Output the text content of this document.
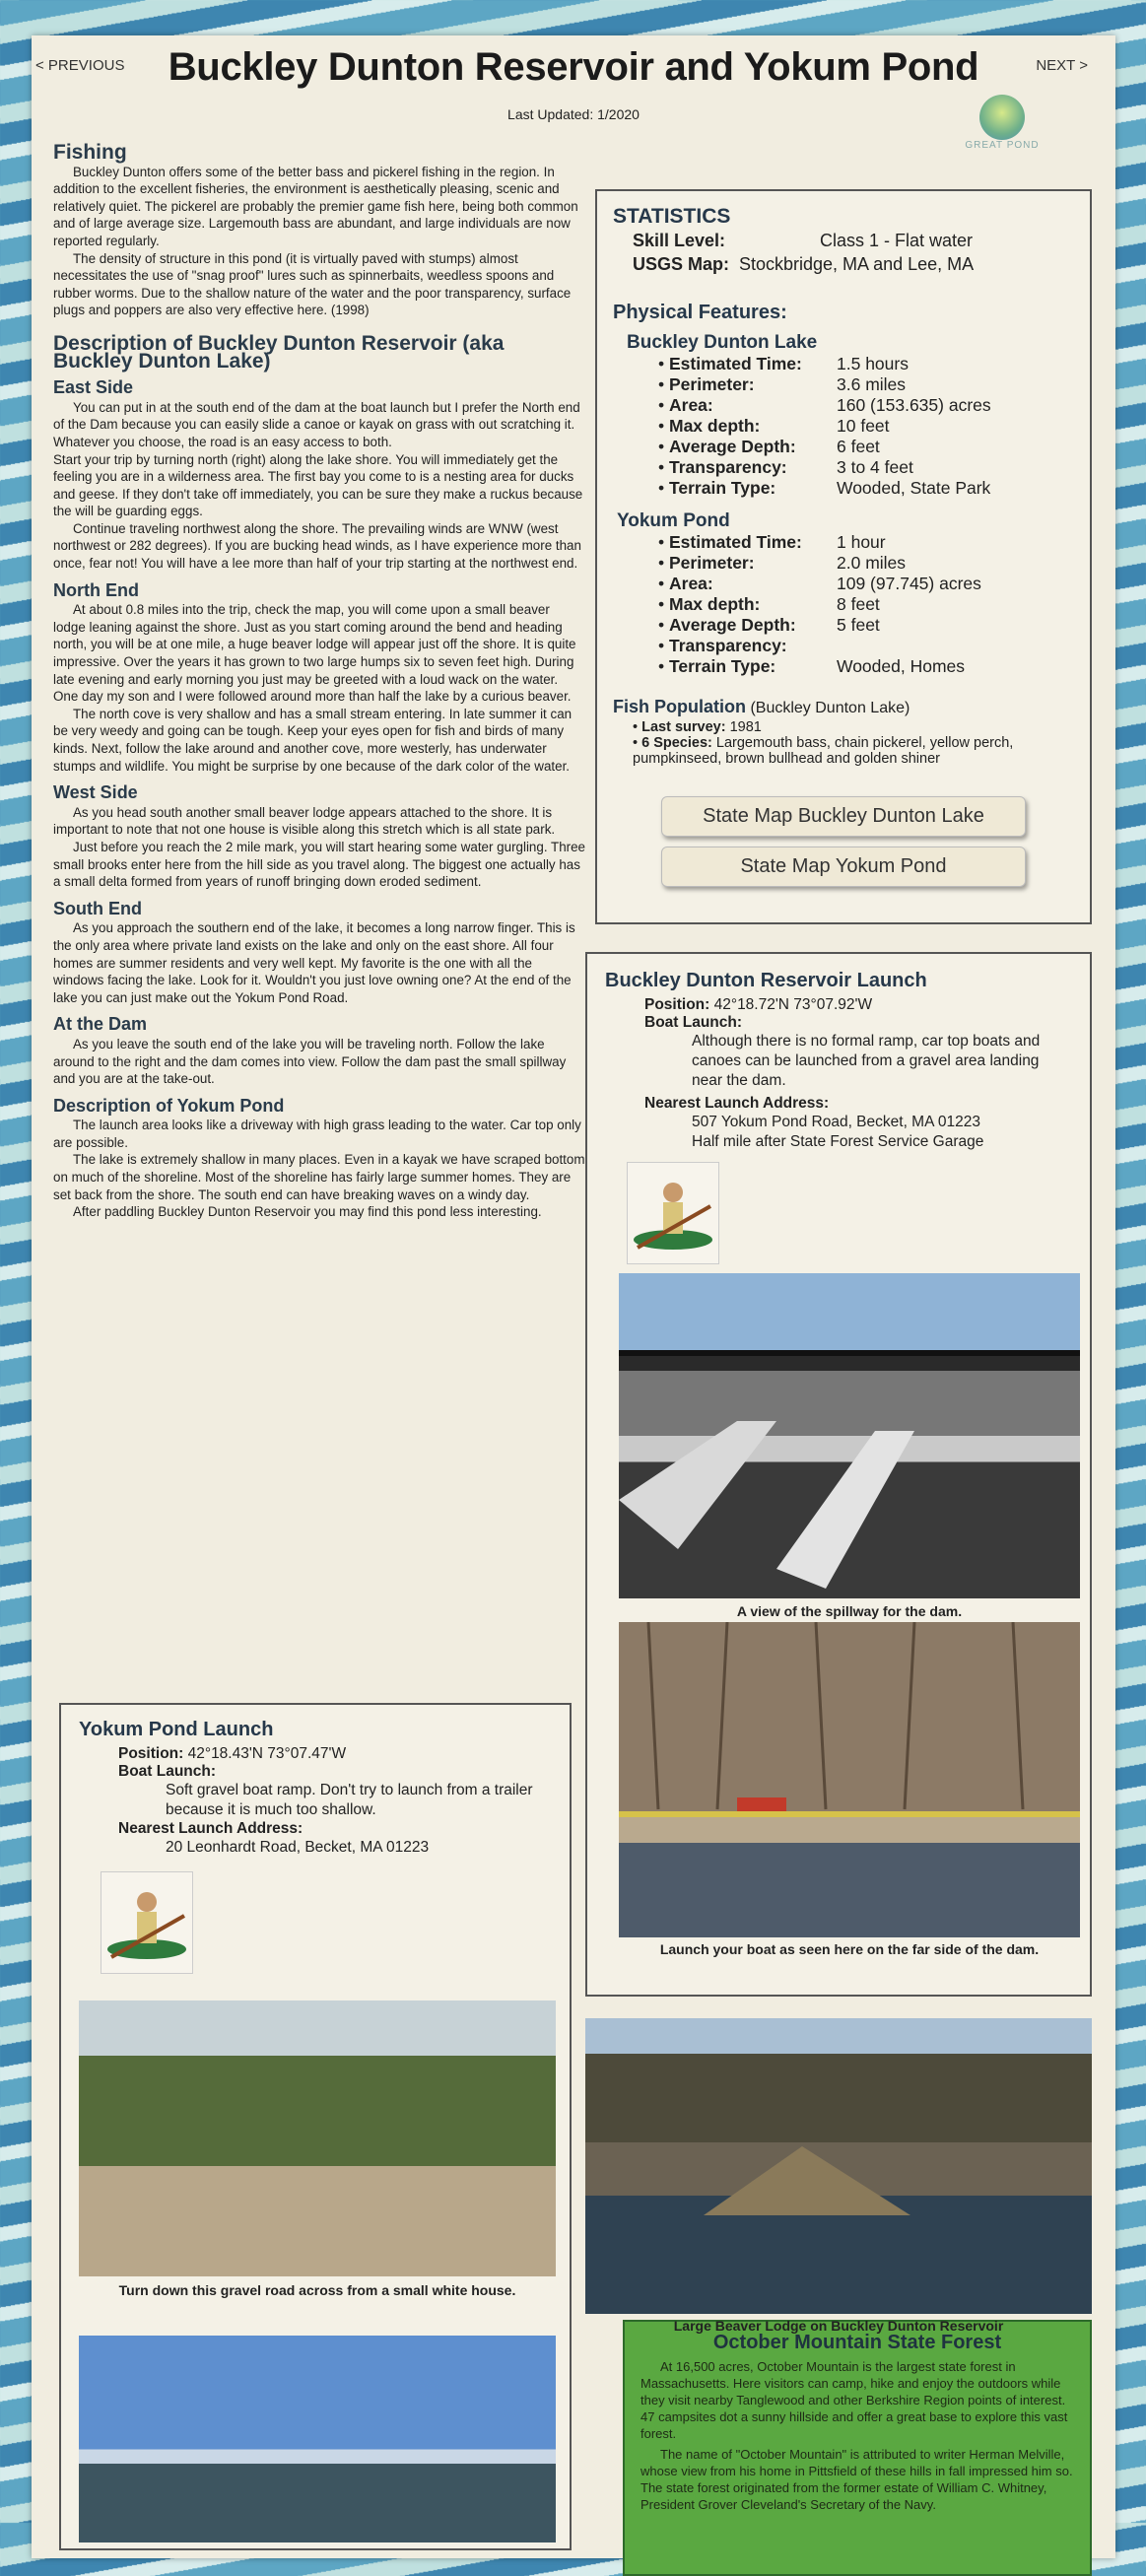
< PREVIOUS	NEXT >
Buckley Dunton Reservoir and Yokum Pond
Last Updated: 1/2020
GREAT POND
Fishing

Buckley Dunton offers some of the better bass and pickerel fishing in the region. In addition to the excellent fisheries, the environment is aesthetically pleasing, scenic and relatively quiet. The pickerel are probably the premier game fish here, being both common and of large average size. Largemouth bass are abundant, and large individuals are now reported regularly.

The density of structure in this pond (it is virtually paved with stumps) almost necessitates the use of "snag proof" lures such as spinnerbaits, weedless spoons and rubber worms. Due to the shallow nature of the water and the poor transparency, surface plugs and poppers are also very effective here. (1998)

Description of Buckley Dunton Reservoir (aka Buckley Dunton Lake)
East Side

You can put in at the south end of the dam at the boat launch but I prefer the North end of the Dam because you can easily slide a canoe or kayak on grass with out scratching it. Whatever you choose, the road is an easy access to both.

Start your trip by turning north (right) along the lake shore. You will immediately get the feeling you are in a wilderness area. The first bay you come to is a nesting area for ducks and geese. If they don't take off immediately, you can be sure they make a ruckus because the will be guarding eggs.

Continue traveling northwest along the shore. The prevailing winds are WNW (west northwest or 282 degrees). If you are bucking head winds, as I have experience more than once, fear not! You will have a lee more than half of your trip starting at the northwest end.

North End

At about 0.8 miles into the trip, check the map, you will come upon a small beaver lodge leaning against the shore. Just as you start coming around the bend and heading north, you will be at one mile, a huge beaver lodge will appear just off the shore. It is quite impressive. Over the years it has grown to two large humps six to seven feet high. During late evening and early morning you just may be greeted with a loud wack on the water. One day my son and I were followed around more than half the lake by a curious beaver.

The north cove is very shallow and has a small stream entering. In late summer it can be very weedy and going can be tough. Keep your eyes open for fish and birds of many kinds. Next, follow the lake around and another cove, more westerly, has underwater stumps and wildlife. You might be surprise by one because of the dark color of the water.

West Side

As you head south another small beaver lodge appears attached to the shore. It is important to note that not one house is visible along this stretch which is all state park.

Just before you reach the 2 mile mark, you will start hearing some water gurgling. Three small brooks enter here from the hill side as you travel along. The biggest one actually has a small delta formed from years of runoff bringing down eroded sediment.

South End

As you approach the southern end of the lake, it becomes a long narrow finger. This is the only area where private land exists on the lake and only on the east shore. All four homes are summer residents and very well kept. My favorite is the one with all the windows facing the lake. Look for it. Wouldn't you just love owning one? At the end of the lake you can just make out the Yokum Pond Road.

At the Dam

As you leave the south end of the lake you will be traveling north. Follow the lake around to the right and the dam comes into view. Follow the dam past the small spillway and you are at the take-out.

Description of Yokum Pond

The launch area looks like a driveway with high grass leading to the water. Car top only are possible.

The lake is extremely shallow in many places. Even in a kayak we have scraped bottom on much of the shoreline. Most of the shoreline has fairly large summer homes. They are set back from the shore. The south end can have breaking waves on a windy day.

After paddling Buckley Dunton Reservoir you may find this pond less interesting.

STATISTICS
Skill Level:	Class 1 - Flat water
USGS Map: Stockbridge, MA and Lee, MA
Physical Features:
Buckley Dunton Lake
• Estimated Time: 1.5 hours
• Perimeter:	3.6 miles
• Area:	160 (153.635) acres
• Max depth:	10 feet
• Average Depth: 6 feet
• Transparency:	3 to 4 feet
• Terrain Type:	Wooded, State Park
Yokum Pond
• Estimated Time: 1 hour
• Perimeter:	2.0 miles
• Area:	109 (97.745) acres
• Max depth:	8 feet
• Average Depth: 5 feet
• Transparency:
• Terrain Type:	Wooded, Homes
Fish Population (Buckley Dunton Lake)
• Last survey: 1981
• 6 Species: Largemouth bass, chain pickerel, yellow perch, pumpkinseed, brown bullhead and golden shiner
State Map Buckley Dunton Lake
State Map Yokum Pond
Buckley Dunton Reservoir Launch
Position: 42°18.72'N 73°07.92'W
Boat Launch:
Although there is no formal ramp, car top boats and canoes can be launched from a gravel area landing near the dam.
Nearest Launch Address:
507 Yokum Pond Road, Becket, MA 01223
Half mile after State Forest Service Garage
A view of the spillway for the dam.
Launch your boat as seen here on the far side of the dam.
Yokum Pond Launch
Position: 42°18.43'N 73°07.47'W
Boat Launch:
Soft gravel boat ramp. Don't try to launch from a trailer because it is much too shallow.
Nearest Launch Address:
20 Leonhardt Road, Becket, MA 01223
Turn down this gravel road across from a small white house.
October Mountain State Forest

At 16,500 acres, October Mountain is the largest state forest in Massachusetts. Here visitors can camp, hike and enjoy the outdoors while they visit nearby Tanglewood and other Berkshire Region points of interest. 47 campsites dot a sunny hillside and offer a great base to explore this vast forest.

The name of "October Mountain" is attributed to writer Herman Melville, whose view from his home in Pittsfield of these hills in fall impressed him so. The state forest originated from the former estate of William C. Whitney, President Grover Cleveland's Secretary of the Navy.

Large Beaver Lodge on Buckley Dunton Reservoir
